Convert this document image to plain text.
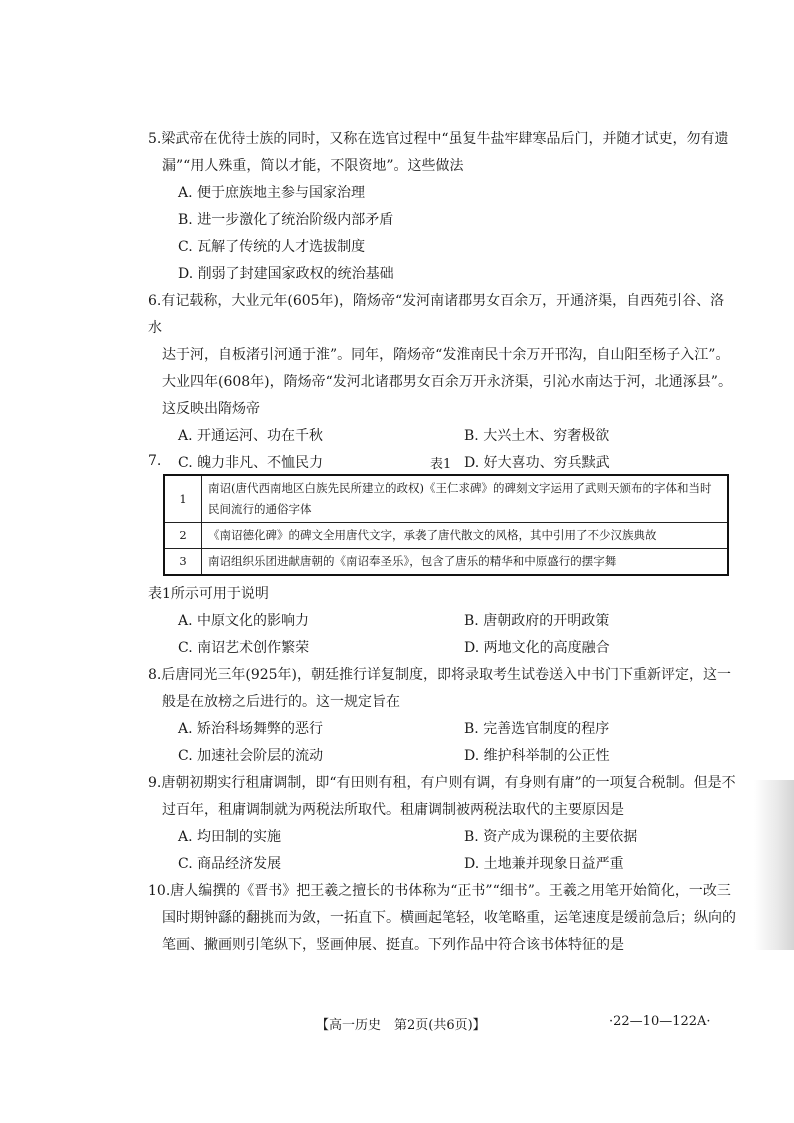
5.梁武帝在优待士族的同时，又称在选官过程中“虽复牛盐牢肆寒品后门，并随才试吏，勿有遗

漏”“用人殊重，简以才能，不限资地”。这些做法

A. 便于庶族地主参与国家治理

B. 进一步激化了统治阶级内部矛盾

C. 瓦解了传统的人才选拔制度

D. 削弱了封建国家政权的统治基础

6.有记载称，大业元年(605年)，隋炀帝“发河南诸郡男女百余万，开通济渠，自西苑引谷、洛水

达于河，自板渚引河通于淮”。同年，隋炀帝“发淮南民十余万开邗沟，自山阳至杨子入江”。

大业四年(608年)，隋炀帝“发河北诸郡男女百余万开永济渠，引沁水南达于河，北通涿县”。

这反映出隋炀帝

A. 开通运河、功在千秋	B. 大兴土木、穷奢极欲
C. 魄力非凡、不恤民力	D. 好大喜功、穷兵黩武
7.	表1
1	南诏(唐代西南地区白族先民所建立的政权)《王仁求碑》的碑刻文字运用了武则天颁布的字体和当时民间流行的通俗字体
2	《南诏德化碑》的碑文全用唐代文字，承袭了唐代散文的风格，其中引用了不少汉族典故
3	南诏组织乐团进献唐朝的《南诏奉圣乐》，包含了唐乐的精华和中原盛行的摆字舞

表1所示可用于说明

A. 中原文化的影响力	B. 唐朝政府的开明政策
C. 南诏艺术创作繁荣	D. 两地文化的高度融合

8.后唐同光三年(925年)，朝廷推行详复制度，即将录取考生试卷送入中书门下重新评定，这一

般是在放榜之后进行的。这一规定旨在

A. 矫治科场舞弊的恶行	B. 完善选官制度的程序
C. 加速社会阶层的流动	D. 维护科举制的公正性

9.唐朝初期实行租庸调制，即“有田则有租，有户则有调，有身则有庸”的一项复合税制。但是不

过百年，租庸调制就为两税法所取代。租庸调制被两税法取代的主要原因是

A. 均田制的实施	B. 资产成为课税的主要依据
C. 商品经济发展	D. 土地兼并现象日益严重

10.唐人编撰的《晋书》把王羲之擅长的书体称为“正书”“细书”。王羲之用笔开始简化，一改三

国时期钟繇的翻挑而为敛，一拓直下。横画起笔轻，收笔略重，运笔速度是缓前急后；纵向的

笔画、撇画则引笔纵下，竖画伸展、挺直。下列作品中符合该书体特征的是

【高一历史　第2页(共6页)】	·22—10—122A·
